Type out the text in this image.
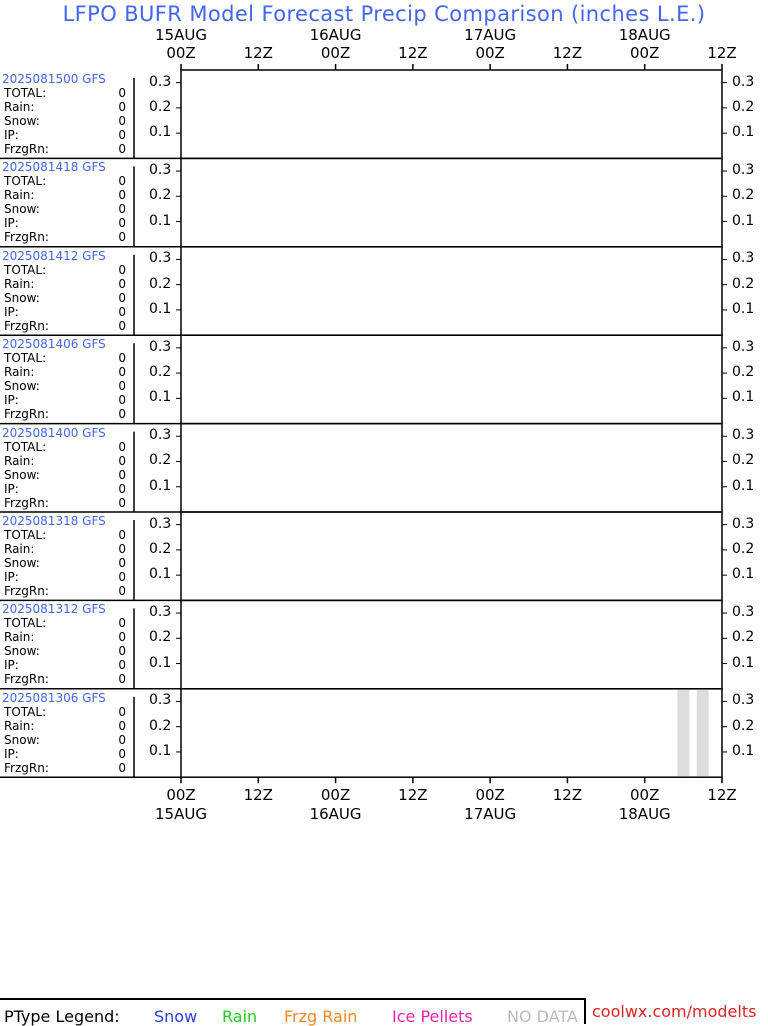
LFPO BUFR Model Forecast Precip Comparison (inches L.E.)
00Z
00Z
12Z
12Z
00Z
00Z
12Z
12Z
00Z
00Z
12Z
12Z
00Z
00Z
12Z
12Z
15AUG
15AUG
16AUG
16AUG
17AUG
17AUG
18AUG
18AUG
2025081500 GFS
TOTAL:	0
Rain:	0
Snow:	0
IP:	0
FrzgRn:	0
0.1	0.1
0.2	0.2
0.3	0.3
2025081418 GFS
TOTAL:	0
Rain:	0
Snow:	0
IP:	0
FrzgRn:	0
0.1	0.1
0.2	0.2
0.3	0.3
2025081412 GFS
TOTAL:	0
Rain:	0
Snow:	0
IP:	0
FrzgRn:	0
0.1	0.1
0.2	0.2
0.3	0.3
2025081406 GFS
TOTAL:	0
Rain:	0
Snow:	0
IP:	0
FrzgRn:	0
0.1	0.1
0.2	0.2
0.3	0.3
2025081400 GFS
TOTAL:	0
Rain:	0
Snow:	0
IP:	0
FrzgRn:	0
0.1	0.1
0.2	0.2
0.3	0.3
2025081318 GFS
TOTAL:	0
Rain:	0
Snow:	0
IP:	0
FrzgRn:	0
0.1	0.1
0.2	0.2
0.3	0.3
2025081312 GFS
TOTAL:	0
Rain:	0
Snow:	0
IP:	0
FrzgRn:	0
0.1	0.1
0.2	0.2
0.3	0.3
2025081306 GFS
TOTAL:	0
Rain:	0
Snow:	0
IP:	0
FrzgRn:	0
0.1	0.1
0.2	0.2
0.3	0.3
PType Legend: Snow Rain Frzg Rain Ice Pellets NO DATA coolwx.com/modelts
